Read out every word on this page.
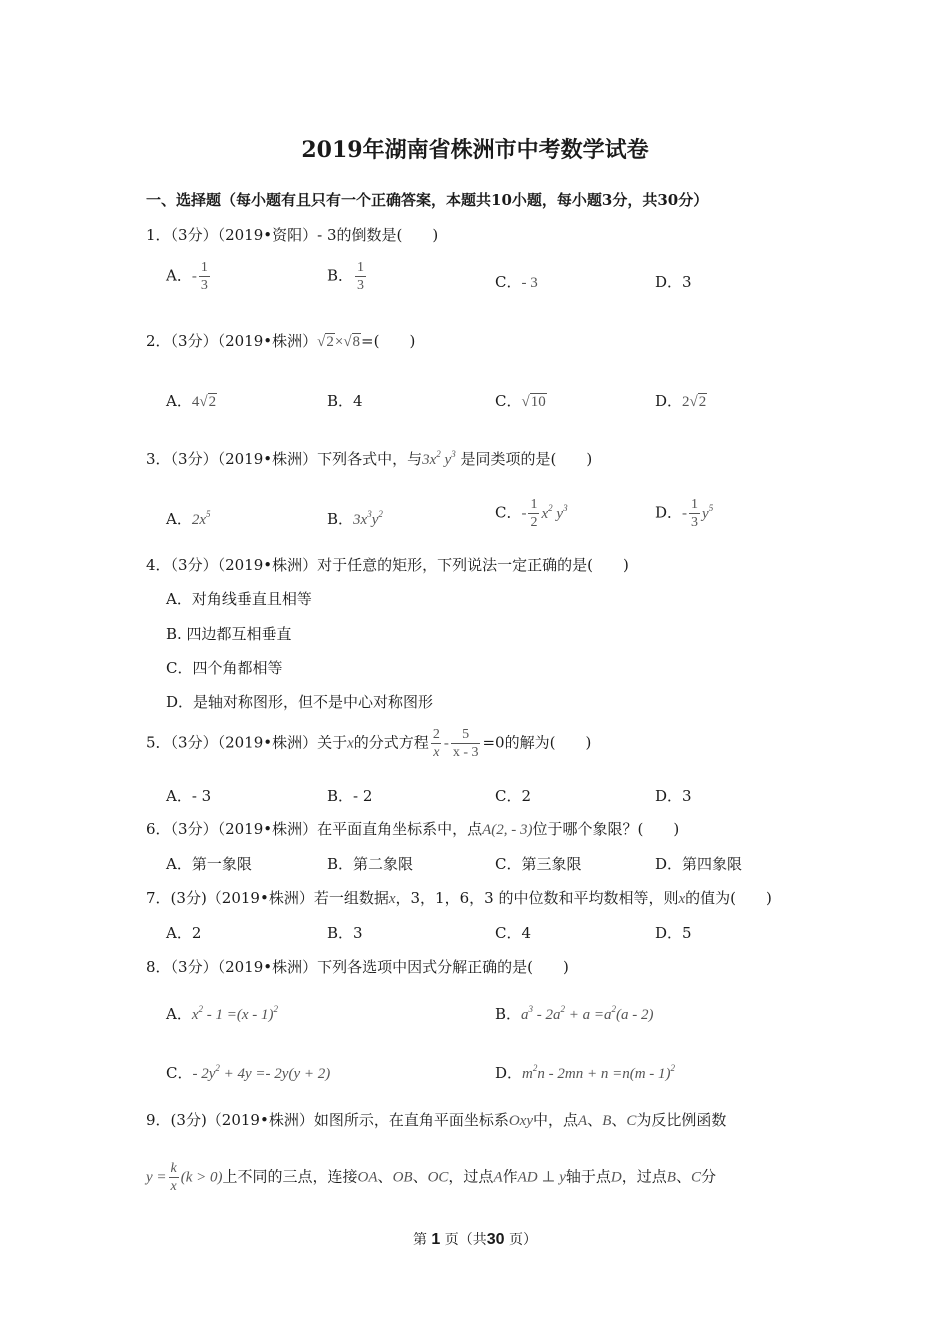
2019年湖南省株洲市中考数学试卷
一、选择题（每小题有且只有一个正确答案，本题共10小题，每小题3分，共30分）
1．（3分）（2019•资阳）- 3的倒数是(　　)
A．- $\frac{1}{3}$	B． $\frac{1}{3}$	C．- 3	D．3
2．（3分）（2019•株洲）√2×√8=(　　)
A．4√2	B．4	C．√10	D．2√2
3．（3分）（2019•株洲）下列各式中，与$3x^2$ $y^3$ 是同类项的是(　　)
A．$2x^5$	B．$3x^3y^2$	C．- $\frac{1}{2} x^2$ $y^3$	D．- $\frac{1}{3} y^5$
4．（3分）（2019•株洲）对于任意的矩形，下列说法一定正确的是(　　)
A．对角线垂直且相等
B. 四边都互相垂直
C．四个角都相等
D．是轴对称图形，但不是中心对称图形
5．（3分）（2019•株洲）关于x的分式方程 $\frac{2}{x} - \frac{5}{x - 3} =0$的解为(　　)
A．- 3	B．- 2	C．2	D．3
6．（3分）（2019•株洲）在平面直角坐标系中，点A(2, - 3)位于哪个象限？(　　)
A．第一象限	B．第二象限	C．第三象限	D．第四象限
7．(3分)（2019•株洲）若一组数据x，3，1，6，3 的中位数和平均数相等，则x的值为(　　)
A．2	B．3	C．4	D．5
8．（3分）（2019•株洲）下列各选项中因式分解正确的是(　　)
A．$x^2 - 1 =(x - 1)^2$	B．$a^3 - 2a^2 + a =a^2(a - 2)$
C．- $2y^2 + 4y =- 2y(y + 2)$	D．$m^2n - 2mn + n =n(m - 1)^2$
9．(3分)（2019•株洲）如图所示，在直角平面坐标系Oxy中，点A、B、C为反比例函数
$y = \frac{k}{x} (k > 0)$上不同的三点，连接OA、OB、OC，过点A作AD ⊥ y轴于点D，过点B、C分
第 1 页（共30 页）
